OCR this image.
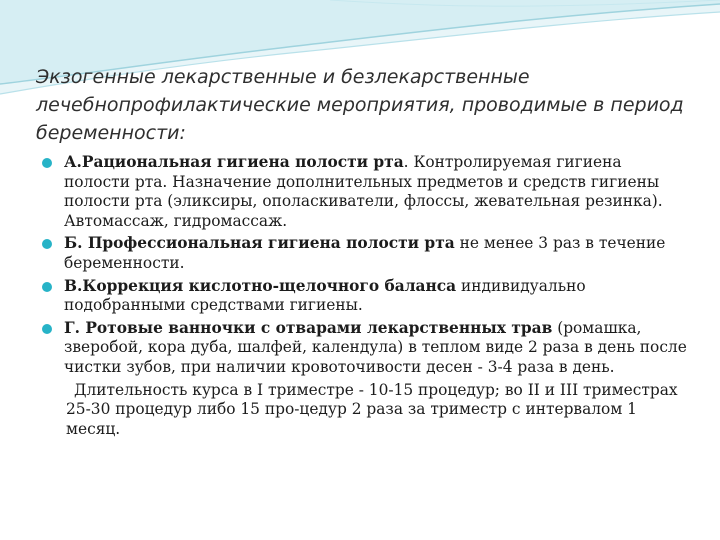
Экзогенные лекарственные и безлекарственные лечебнопрофилактические мероприятия, проводимые в период беременности:
А.Рациональная гигиена полости рта. Контролируемая гигиена полости рта. Назначение дополнительных предметов и средств гигиены полости рта (эликсиры, ополаскиватели, флоссы, жевательная резинка). Автомассаж, гидромассаж.
Б. Профессиональная гигиена полости рта не менее 3 раз в течение беременности.
В.Коррекция кислотно-щелочного баланса индивидуально подобранными средствами гигиены.
Г. Ротовые ванночки с отварами лекарственных трав (ромашка, зверобой, кора дуба, шалфей, календула) в теплом виде 2 раза в день после чистки зубов, при наличии кровоточивости десен - 3-4 раза в день.
Длительность курса в I триместре - 10-15 процедур; во II и III триместрах 25-30 процедур либо 15 про-цедур 2 раза за триместр с интервалом 1 месяц.
